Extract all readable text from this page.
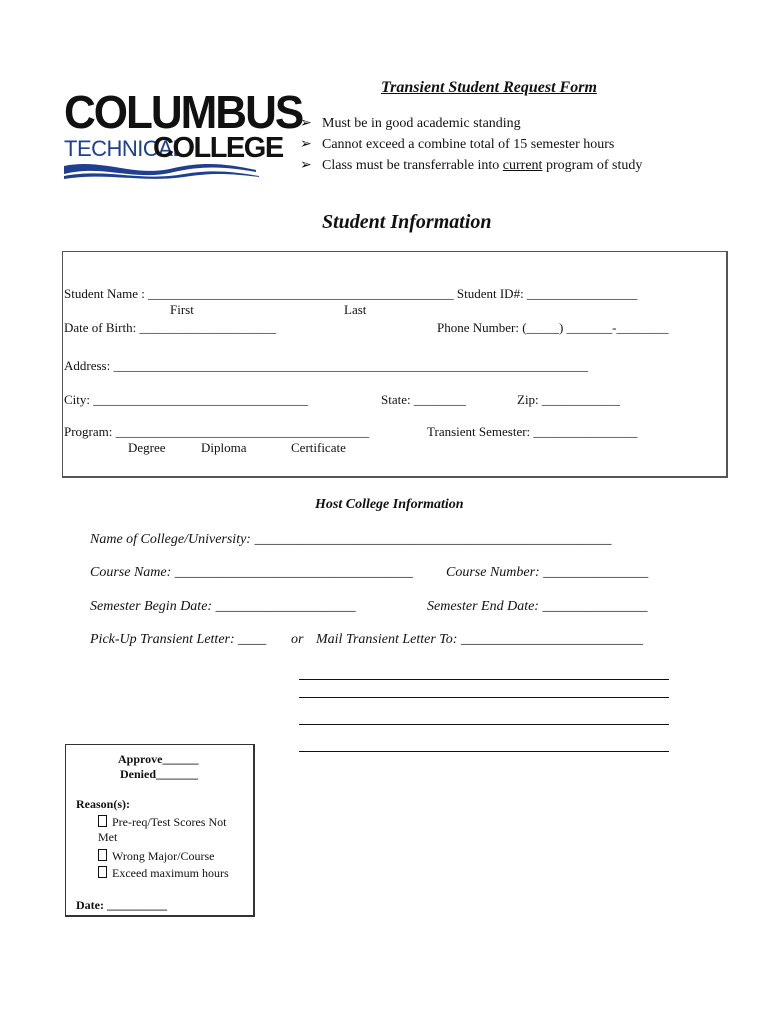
COLUMBUS
TECHNICAL
COLLEGE
Transient Student Request Form
➢ Must be in good academic standing
➢ Cannot exceed a combine total of 15 semester hours
➢ Class must be transferrable into current program of study
Student Information
Student Name : _______________________________________________ Student ID#: _________________
First	Last
Date of Birth: _____________________	Phone Number: (_____) _______-________
Address: _________________________________________________________________________
City: _________________________________	State: ________	Zip: ____________
Program: _______________________________________	Transient Semester: ________________
Degree	Diploma	Certificate
Host College Information
Name of College/University: ___________________________________________________
Course Name: __________________________________ Course Number: _______________
Semester Begin Date: ____________________	Semester End Date: _______________
Pick-Up Transient Letter: ____ or Mail Transient Letter To: __________________________
Approve______
Denied_______
Reason(s):
Pre-req/Test Scores Not
Met
Wrong Major/Course
Exceed maximum hours
Date: __________
